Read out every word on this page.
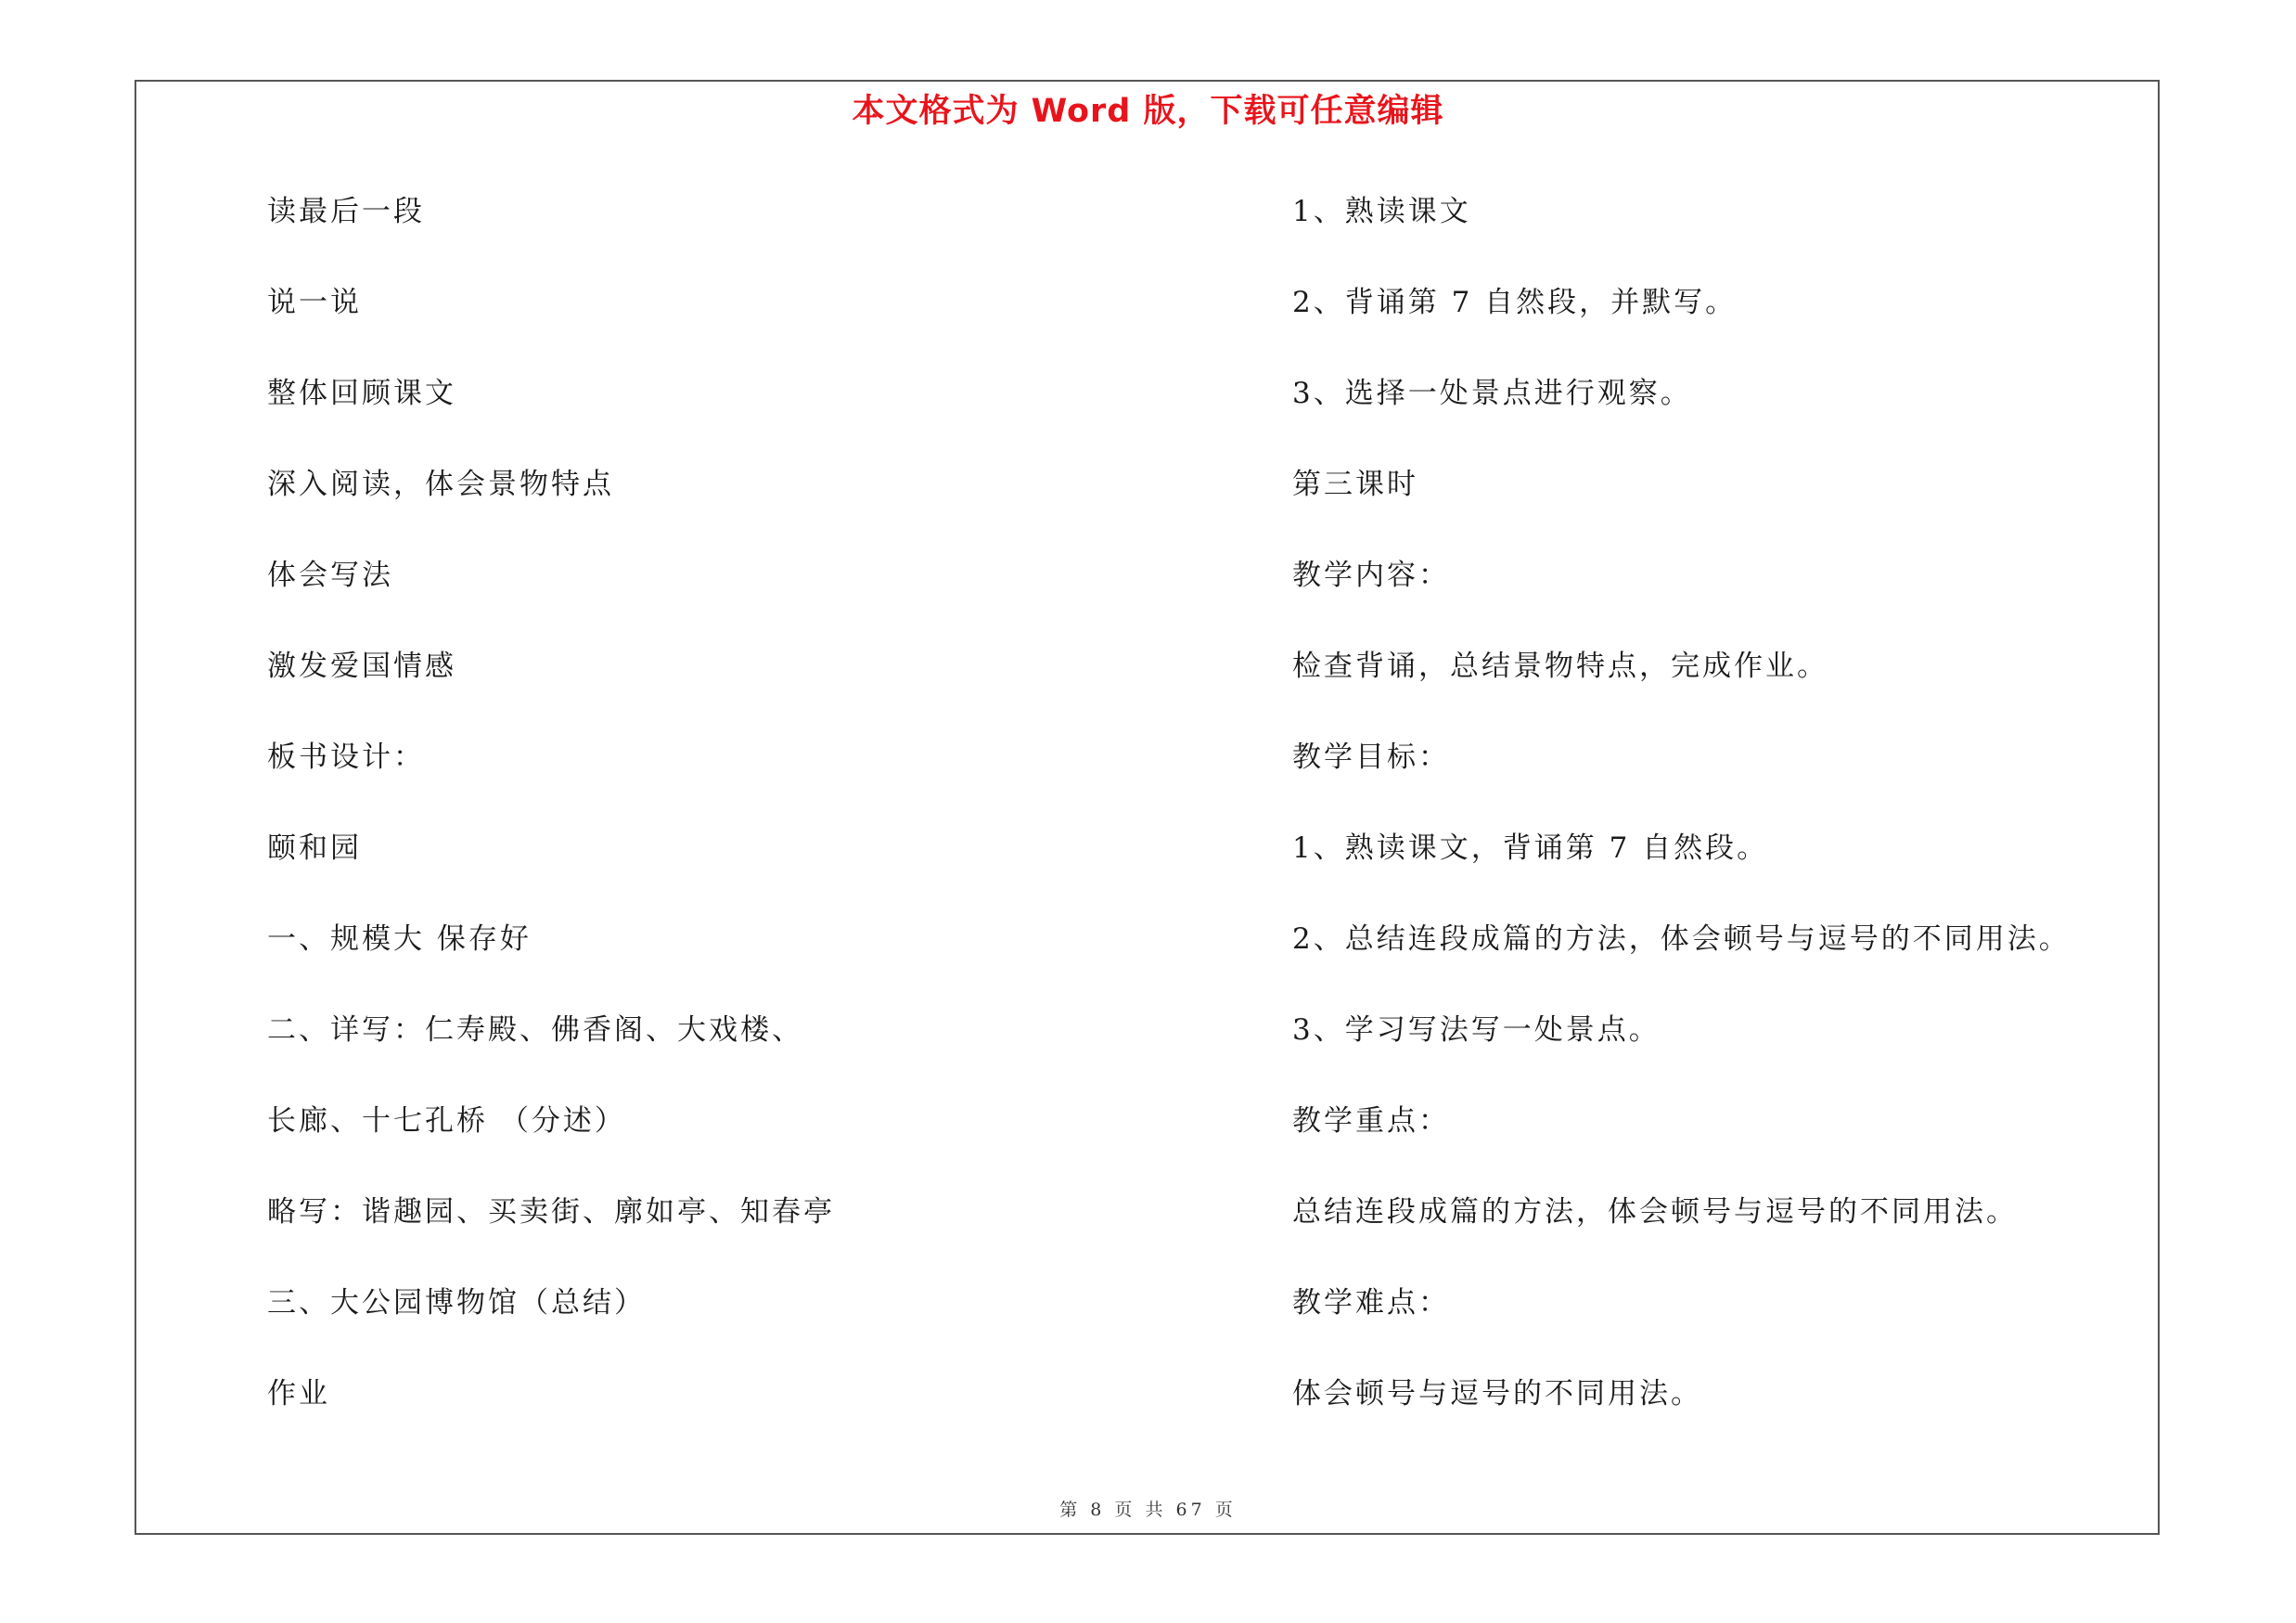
本文格式为 Word 版，下载可任意编辑
读最后一段
说一说
整体回顾课文
深入阅读，体会景物特点
体会写法
激发爱国情感
板书设计：
颐和园
一、规模大 保存好
二、详写：仁寿殿、佛香阁、大戏楼、
长廊、十七孔桥 （分述）
略写：谐趣园、买卖街、廓如亭、知春亭
三、大公园博物馆（总结）
作业
1、熟读课文
2、背诵第 7 自然段，并默写。
3、选择一处景点进行观察。
第三课时
教学内容：
检查背诵，总结景物特点，完成作业。
教学目标：
1、熟读课文，背诵第 7 自然段。
2、总结连段成篇的方法，体会顿号与逗号的不同用法。
3、学习写法写一处景点。
教学重点：
总结连段成篇的方法，体会顿号与逗号的不同用法。
教学难点：
体会顿号与逗号的不同用法。
第 8 页 共 67 页
